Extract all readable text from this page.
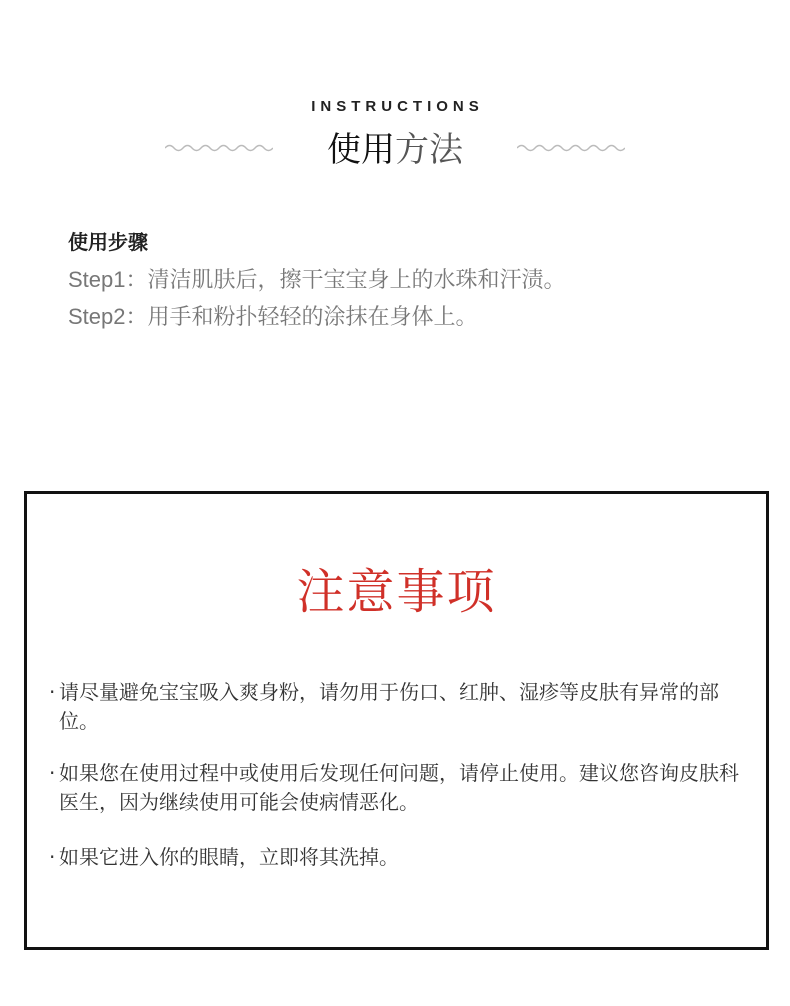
INSTRUCTIONS
使用方法
使用步骤
Step1：清洁肌肤后，擦干宝宝身上的水珠和汗渍。
Step2：用手和粉扑轻轻的涂抹在身体上。
注意事项
· 请尽量避免宝宝吸入爽身粉，请勿用于伤口、红肿、湿疹等皮肤有异常的部位。
· 如果您在使用过程中或使用后发现任何问题，请停止使用。建议您咨询皮肤科医生，因为继续使用可能会使病情恶化。
· 如果它进入你的眼睛，立即将其洗掉。
